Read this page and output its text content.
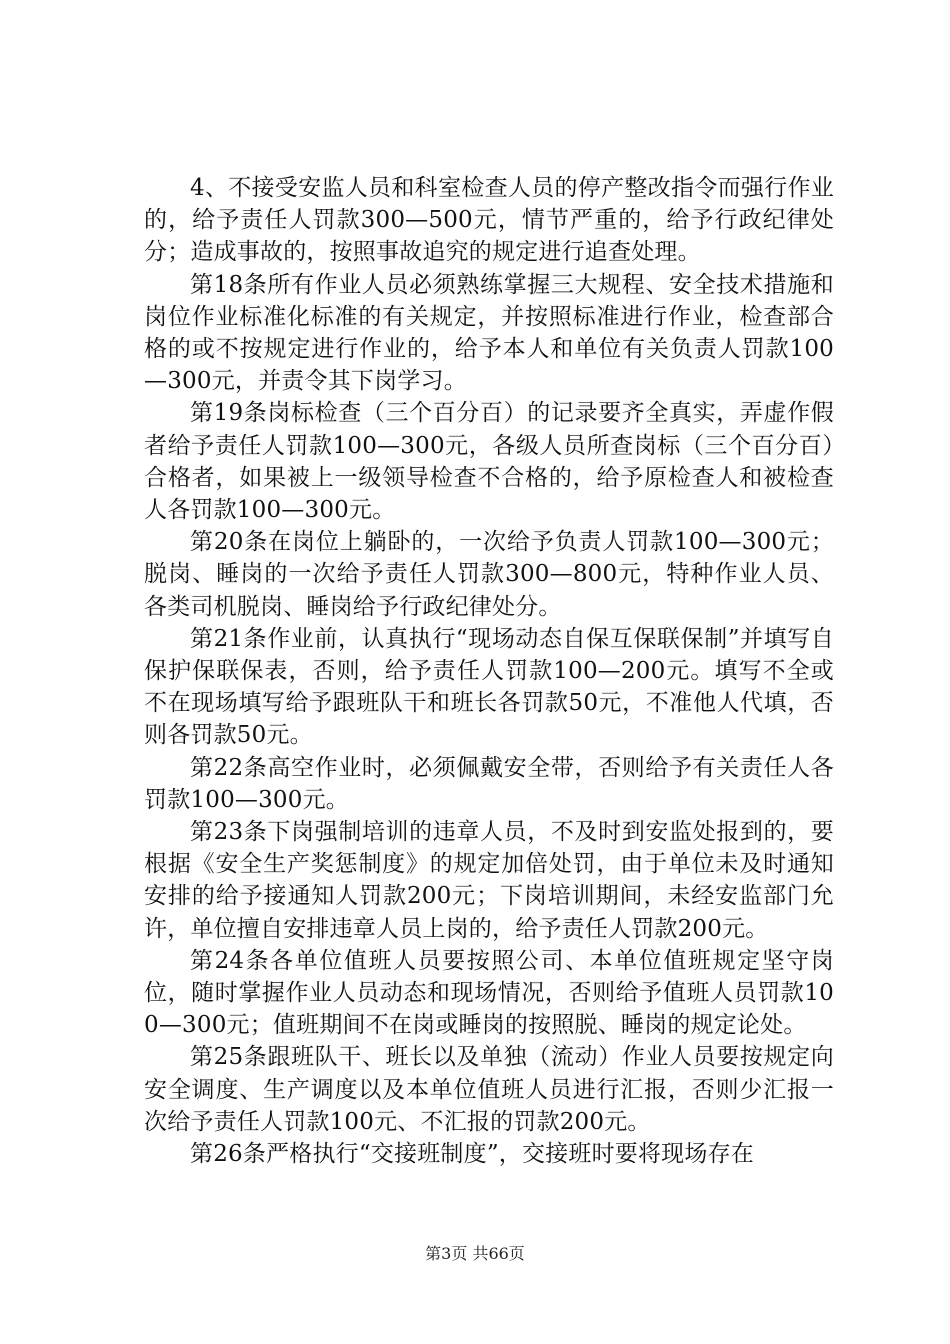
4、不接受安监人员和科室检查人员的停产整改指令而强行作业的，给予责任人罚款300—500元，情节严重的，给予行政纪律处分；造成事故的，按照事故追究的规定进行追查处理。

第18条所有作业人员必须熟练掌握三大规程、安全技术措施和岗位作业标准化标准的有关规定，并按照标准进行作业，检查部合格的或不按规定进行作业的，给予本人和单位有关负责人罚款100—300元，并责令其下岗学习。

第19条岗标检查（三个百分百）的记录要齐全真实，弄虚作假者给予责任人罚款100—300元，各级人员所查岗标（三个百分百）合格者，如果被上一级领导检查不合格的，给予原检查人和被检查人各罚款100—300元。

第20条在岗位上躺卧的，一次给予负责人罚款100—300元；脱岗、睡岗的一次给予责任人罚款300—800元，特种作业人员、各类司机脱岗、睡岗给予行政纪律处分。

第21条作业前，认真执行“现场动态自保互保联保制”并填写自保护保联保表，否则，给予责任人罚款100—200元。填写不全或不在现场填写给予跟班队干和班长各罚款50元，不准他人代填，否则各罚款50元。

第22条高空作业时，必须佩戴安全带，否则给予有关责任人各罚款100—300元。

第23条下岗强制培训的违章人员，不及时到安监处报到的，要根据《安全生产奖惩制度》的规定加倍处罚，由于单位未及时通知安排的给予接通知人罚款200元；下岗培训期间，未经安监部门允许，单位擅自安排违章人员上岗的，给予责任人罚款200元。

第24条各单位值班人员要按照公司、本单位值班规定坚守岗位，随时掌握作业人员动态和现场情况，否则给予值班人员罚款100—300元；值班期间不在岗或睡岗的按照脱、睡岗的规定论处。

第25条跟班队干、班长以及单独（流动）作业人员要按规定向安全调度、生产调度以及本单位值班人员进行汇报，否则少汇报一次给予责任人罚款100元、不汇报的罚款200元。

第26条严格执行“交接班制度”，交接班时要将现场存在

第3页 共66页
